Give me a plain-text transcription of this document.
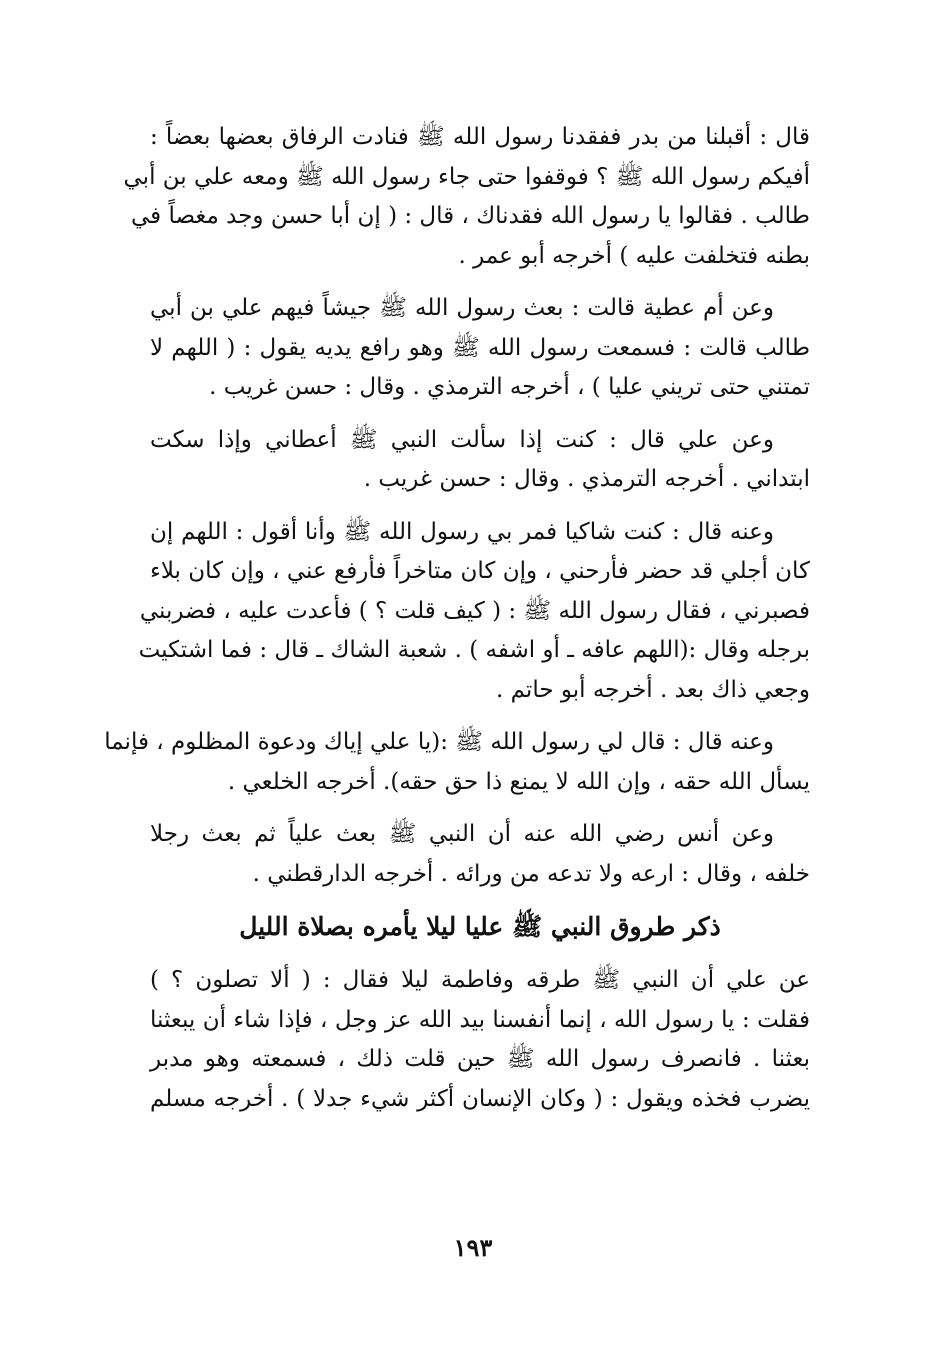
قال : أقبلنا من بدر ففقدنا رسول الله ﷺ فنادت الرفاق بعضها بعضاً :
أفيكم رسول الله ﷺ ؟ فوقفوا حتى جاء رسول الله ﷺ ومعه علي بن أبي
طالب . فقالوا يا رسول الله فقدناك ، قال : ( إن أبا حسن وجد مغصاً في
بطنه فتخلفت عليه ) أخرجه أبو عمر .
وعن أم عطية قالت : بعث رسول الله ﷺ جيشاً فيهم علي بن أبي
طالب قالت : فسمعت رسول الله ﷺ وهو رافع يديه يقول : ( اللهم لا
تمتني حتى تريني عليا ) ، أخرجه الترمذي . وقال : حسن غريب .
وعن علي قال : كنت إذا سألت النبي ﷺ أعطاني وإذا سكت
ابتداني . أخرجه الترمذي . وقال : حسن غريب .
وعنه قال : كنت شاكيا فمر بي رسول الله ﷺ وأنا أقول : اللهم إن
كان أجلي قد حضر فأرحني ، وإن كان متاخراً فأرفع عني ، وإن كان بلاء
فصبرني ، فقال رسول الله ﷺ : ( كيف قلت ؟ ) فأعدت عليه ، فضربني
برجله وقال :(اللهم عافه ـ أو اشفه ) . شعبة الشاك ـ قال : فما اشتكيت
وجعي ذاك بعد . أخرجه أبو حاتم .
وعنه قال : قال لي رسول الله ﷺ :(يا علي إياك ودعوة المظلوم ، فإنما
يسأل الله حقه ، وإن الله لا يمنع ذا حق حقه). أخرجه الخلعي .
وعن أنس رضي الله عنه أن النبي ﷺ بعث علياً ثم بعث رجلا
خلفه ، وقال : ارعه ولا تدعه من ورائه . أخرجه الدارقطني .
ذكر طروق النبي ﷺ عليا ليلا يأمره بصلاة الليل
عن علي أن النبي ﷺ طرقه وفاطمة ليلا فقال : ( ألا تصلون ؟ )
فقلت : يا رسول الله ، إنما أنفسنا بيد الله عز وجل ، فإذا شاء أن يبعثنا
بعثنا . فانصرف رسول الله ﷺ حين قلت ذلك ، فسمعته وهو مدبر
يضرب فخذه ويقول : ( وكان الإنسان أكثر شيء جدلا ) . أخرجه مسلم
١٩٣
